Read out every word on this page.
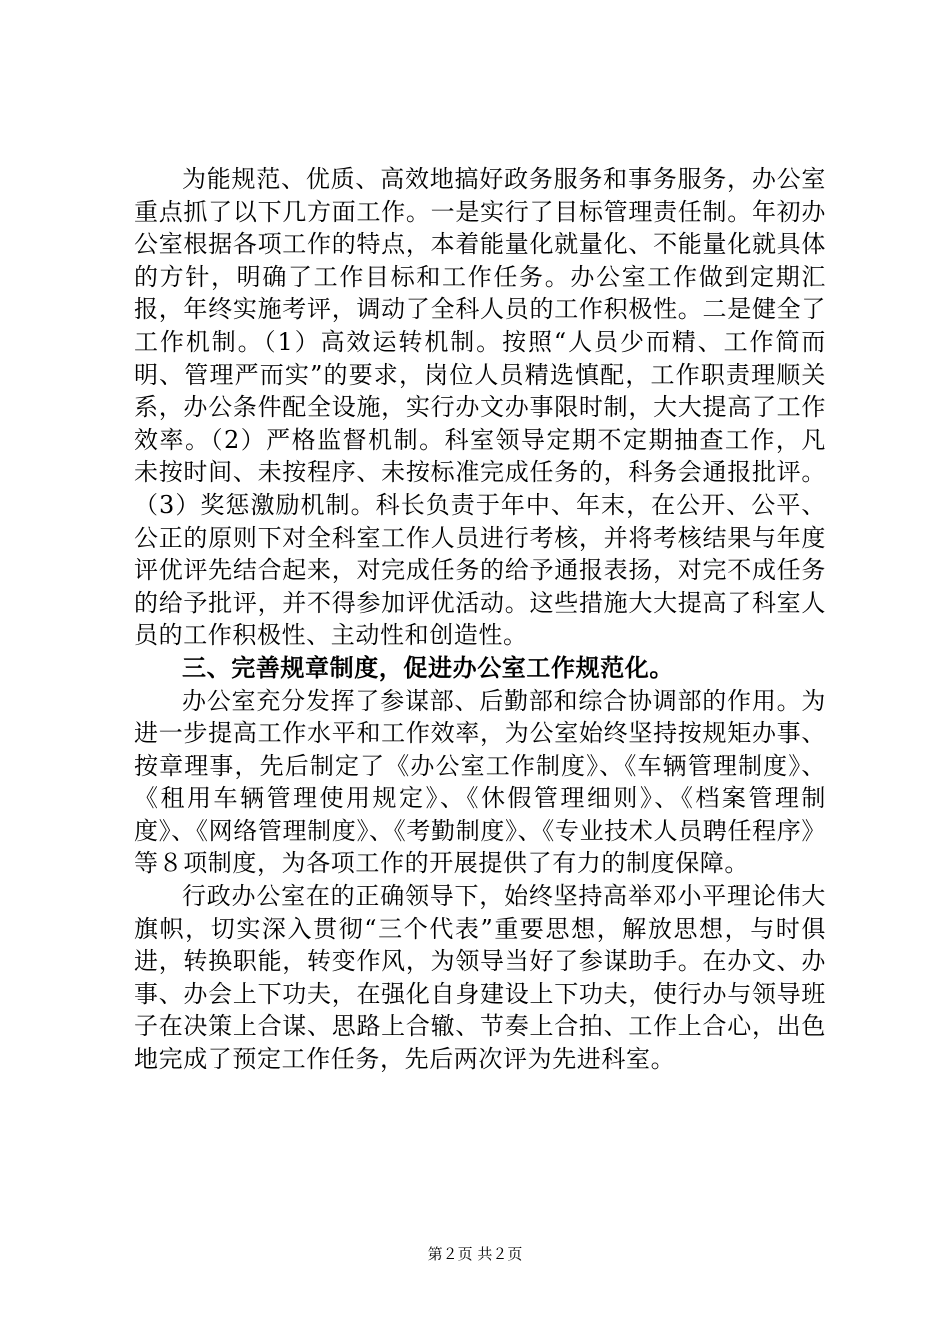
为能规范、优质、高效地搞好政务服务和事务服务，办公室重点抓了以下几方面工作。一是实行了目标管理责任制。年初办公室根据各项工作的特点，本着能量化就量化、不能量化就具体的方针，明确了工作目标和工作任务。办公室工作做到定期汇报，年终实施考评，调动了全科人员的工作积极性。二是健全了工作机制。（1）高效运转机制。按照“人员少而精、工作简而明、管理严而实”的要求，岗位人员精选慎配，工作职责理顺关系，办公条件配全设施，实行办文办事限时制，大大提高了工作效率。（2）严格监督机制。科室领导定期不定期抽查工作，凡未按时间、未按程序、未按标准完成任务的，科务会通报批评。（3）奖惩激励机制。科长负责于年中、年末，在公开、公平、公正的原则下对全科室工作人员进行考核，并将考核结果与年度评优评先结合起来，对完成任务的给予通报表扬，对完不成任务的给予批评，并不得参加评优活动。这些措施大大提高了科室人员的工作积极性、主动性和创造性。

三、完善规章制度，促进办公室工作规范化。

办公室充分发挥了参谋部、后勤部和综合协调部的作用。为进一步提高工作水平和工作效率，为公室始终坚持按规矩办事、按章理事，先后制定了《办公室工作制度》、《车辆管理制度》、《租用车辆管理使用规定》、《休假管理细则》、《档案管理制度》、《网络管理制度》、《考勤制度》、《专业技术人员聘任程序》等８项制度，为各项工作的开展提供了有力的制度保障。

行政办公室在的正确领导下，始终坚持高举邓小平理论伟大旗帜，切实深入贯彻“三个代表”重要思想，解放思想，与时俱进，转换职能，转变作风，为领导当好了参谋助手。在办文、办事、办会上下功夫，在强化自身建设上下功夫，使行办与领导班子在决策上合谋、思路上合辙、节奏上合拍、工作上合心，出色地完成了预定工作任务，先后两次评为先进科室。

第２页 共２页
